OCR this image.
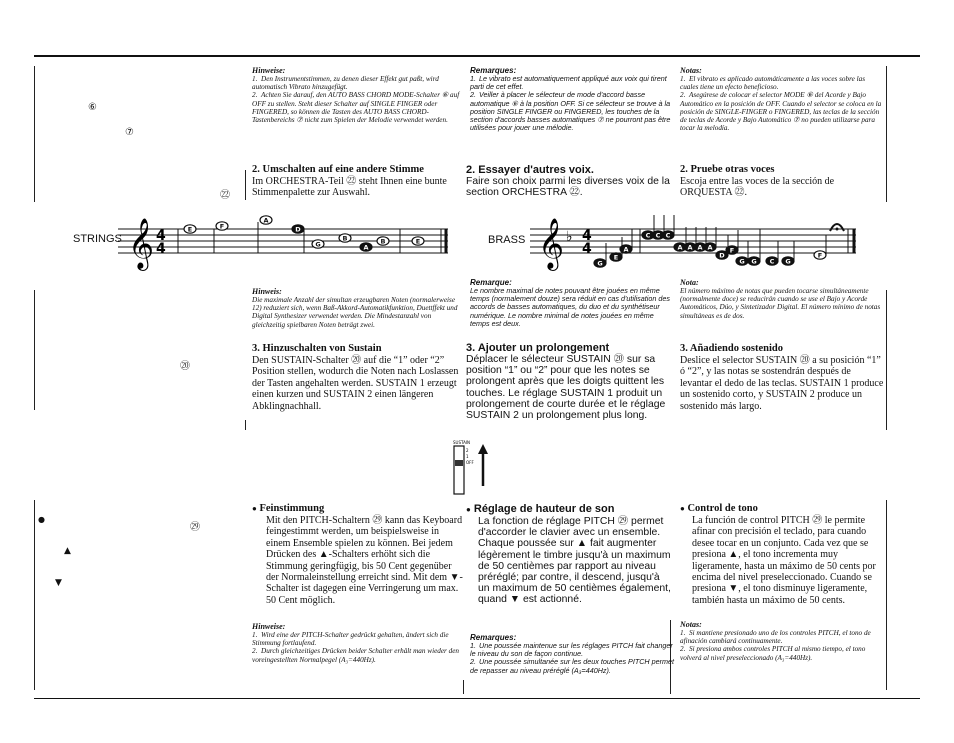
⑥
⑦
㉒
⑳
●
㉙
▲
▼
Hinweise:

1. Den Instrumentstimmen, zu denen dieser Effekt gut paßt, wird automatisch Vibrato hinzugefügt.

2. Achten Sie darauf, den AUTO BASS CHORD MODE-Schalter ⑥ auf OFF zu stellen. Steht dieser Schalter auf SINGLE FINGER oder FINGERED, so können die Tasten des AUTO BASS CHORD-Tastenbereichs ⑦ nicht zum Spielen der Melodie verwendet werden.

Remarques:

1. Le vibrato est automatiquement appliqué aux voix qui tirent parti de cet effet.

2. Veiller à placer le sélecteur de mode d'accord basse automatique ⑥ à la position OFF. Si ce sélecteur se trouve à la position SINGLE FINGER ou FINGERED, les touches de la section d'accords basses automatiques ⑦ ne pourront pas être utilisées pour jouer une mélodie.

Notas:

1. El vibrato es aplicado automáticamente a las voces sobre las cuales tiene un efecto beneficioso.

2. Asegúrese de colocar el selector MODE ⑥ del Acorde y Bajo Automático en la posición de OFF. Cuando el selector se coloca en la posición de SINGLE-FINGER o FINGERED, las teclas de la sección de teclas de Acorde y Bajo Automático ⑦ no pueden utilizarse para tocar la melodía.

2. Umschalten auf eine andere Stimme

Im ORCHESTRA-Teil ㉒ steht Ihnen eine bunte Stimmenpalette zur Auswahl.

2. Essayer d'autres voix.

Faire son choix parmi les diverses voix de la section ORCHESTRA ㉒.

2. Pruebe otras voces

Escoja entre las voces de la sección de ORQUESTA ㉒.

STRINGS 𝄞 4
4
E	F
A
D
G
B
A
B	E	BRASS 𝄞 ♭ 4
4
G
E
A
C C C
A A A A
D
F
G G C G
F
Hinweis:

Die maximale Anzahl der simultan erzeugbaren Noten (normalerweise 12) reduziert sich, wenn Baß-Akkord-Automatikfunktion, Duettffekt und Digital Synthesizer verwendet werden. Die Mindestanzahl von gleichzeitig spielbaren Noten beträgt zwei.

Remarque:

Le nombre maximal de notes pouvant être jouées en même temps (normalement douze) sera réduit en cas d'utilisation des accords de basses automatiques, du duo et du synthétiseur numérique. Le nombre minimal de notes jouées en même temps est deux.

Nota:

El número máximo de notas que pueden tocarse simultáneamente (normalmente doce) se reducirán cuando se use el Bajo y Acorde Automáticos, Dúo, y Sintetizador Digital. El número mínimo de notas simultáneas es de dos.

3. Hinzuschalten von Sustain

Den SUSTAIN-Schalter ⑳ auf die “1” oder “2” Position stellen, wodurch die Noten nach Loslassen der Tasten angehalten werden. SUSTAIN 1 erzeugt einen kurzen und SUSTAIN 2 einen längeren Abklingnachhall.

3. Ajouter un prolongement

Déplacer le sélecteur SUSTAIN ⑳ sur sa position “1” ou “2” pour que les notes se prolongent après que les doigts quittent les touches. Le réglage SUSTAIN 1 produit un prolongement de courte durée et le réglage SUSTAIN 2 un prolongement plus long.

3. Añadiendo sostenido

Deslice el selector SUSTAIN ⑳ a su posición “1” ó “2”, y las notas se sostendrán después de levantar el dedo de las teclas. SUSTAIN 1 produce un sostenido corto, y SUSTAIN 2 produce un sostenido más largo.

SUSTAIN
2
1
OFF

● Feinstimmung

Mit den PITCH-Schaltern ㉙ kann das Keyboard feingestimmt werden, um beispielsweise in einem Ensemble spielen zu können. Bei jedem Drücken des ▲-Schalters erhöht sich die Stimmung geringfügig, bis 50 Cent gegenüber der Normaleinstellung erreicht sind. Mit dem ▼-Schalter ist dagegen eine Verringerung um max. 50 Cent möglich.

Hinweise:

1. Wird eine der PITCH-Schalter gedrückt gehalten, ändert sich die Stimmung fortlaufend.

2. Durch gleichzeitiges Drücken beider Schalter erhält man wieder den voreingestellten Normalpegel (A₃=440Hz).

● Réglage de hauteur de son

La fonction de réglage PITCH ㉙ permet d'accorder le clavier avec un ensemble. Chaque poussée sur ▲ fait augmenter légèrement le timbre jusqu'à un maximum de 50 centièmes par rapport au niveau préréglé; par contre, il descend, jusqu'à un maximum de 50 centièmes également, quand ▼ est actionné.

Remarques:

1. Une poussée maintenue sur les réglages PITCH fait changer le niveau du son de façon continue.

2. Une poussée simultanée sur les deux touches PITCH permet de repasser au niveau préréglé (A₃=440Hz).

● Control de tono

La función de control PITCH ㉙ le permite afinar con precisión el teclado, para cuando desee tocar en un conjunto. Cada vez que se presiona ▲, el tono incrementa muy ligeramente, hasta un máximo de 50 cents por encima del nivel preseleccionado. Cuando se presiona ▼, el tono disminuye ligeramente, también hasta un máximo de 50 cents.

Notas:

1. Si mantiene presionado uno de los controles PITCH, el tono de afinación cambiará continuamente.

2. Si presiona ambos controles PITCH al mismo tiempo, el tono volverá al nivel preseleccionado (A₃=440Hz).
